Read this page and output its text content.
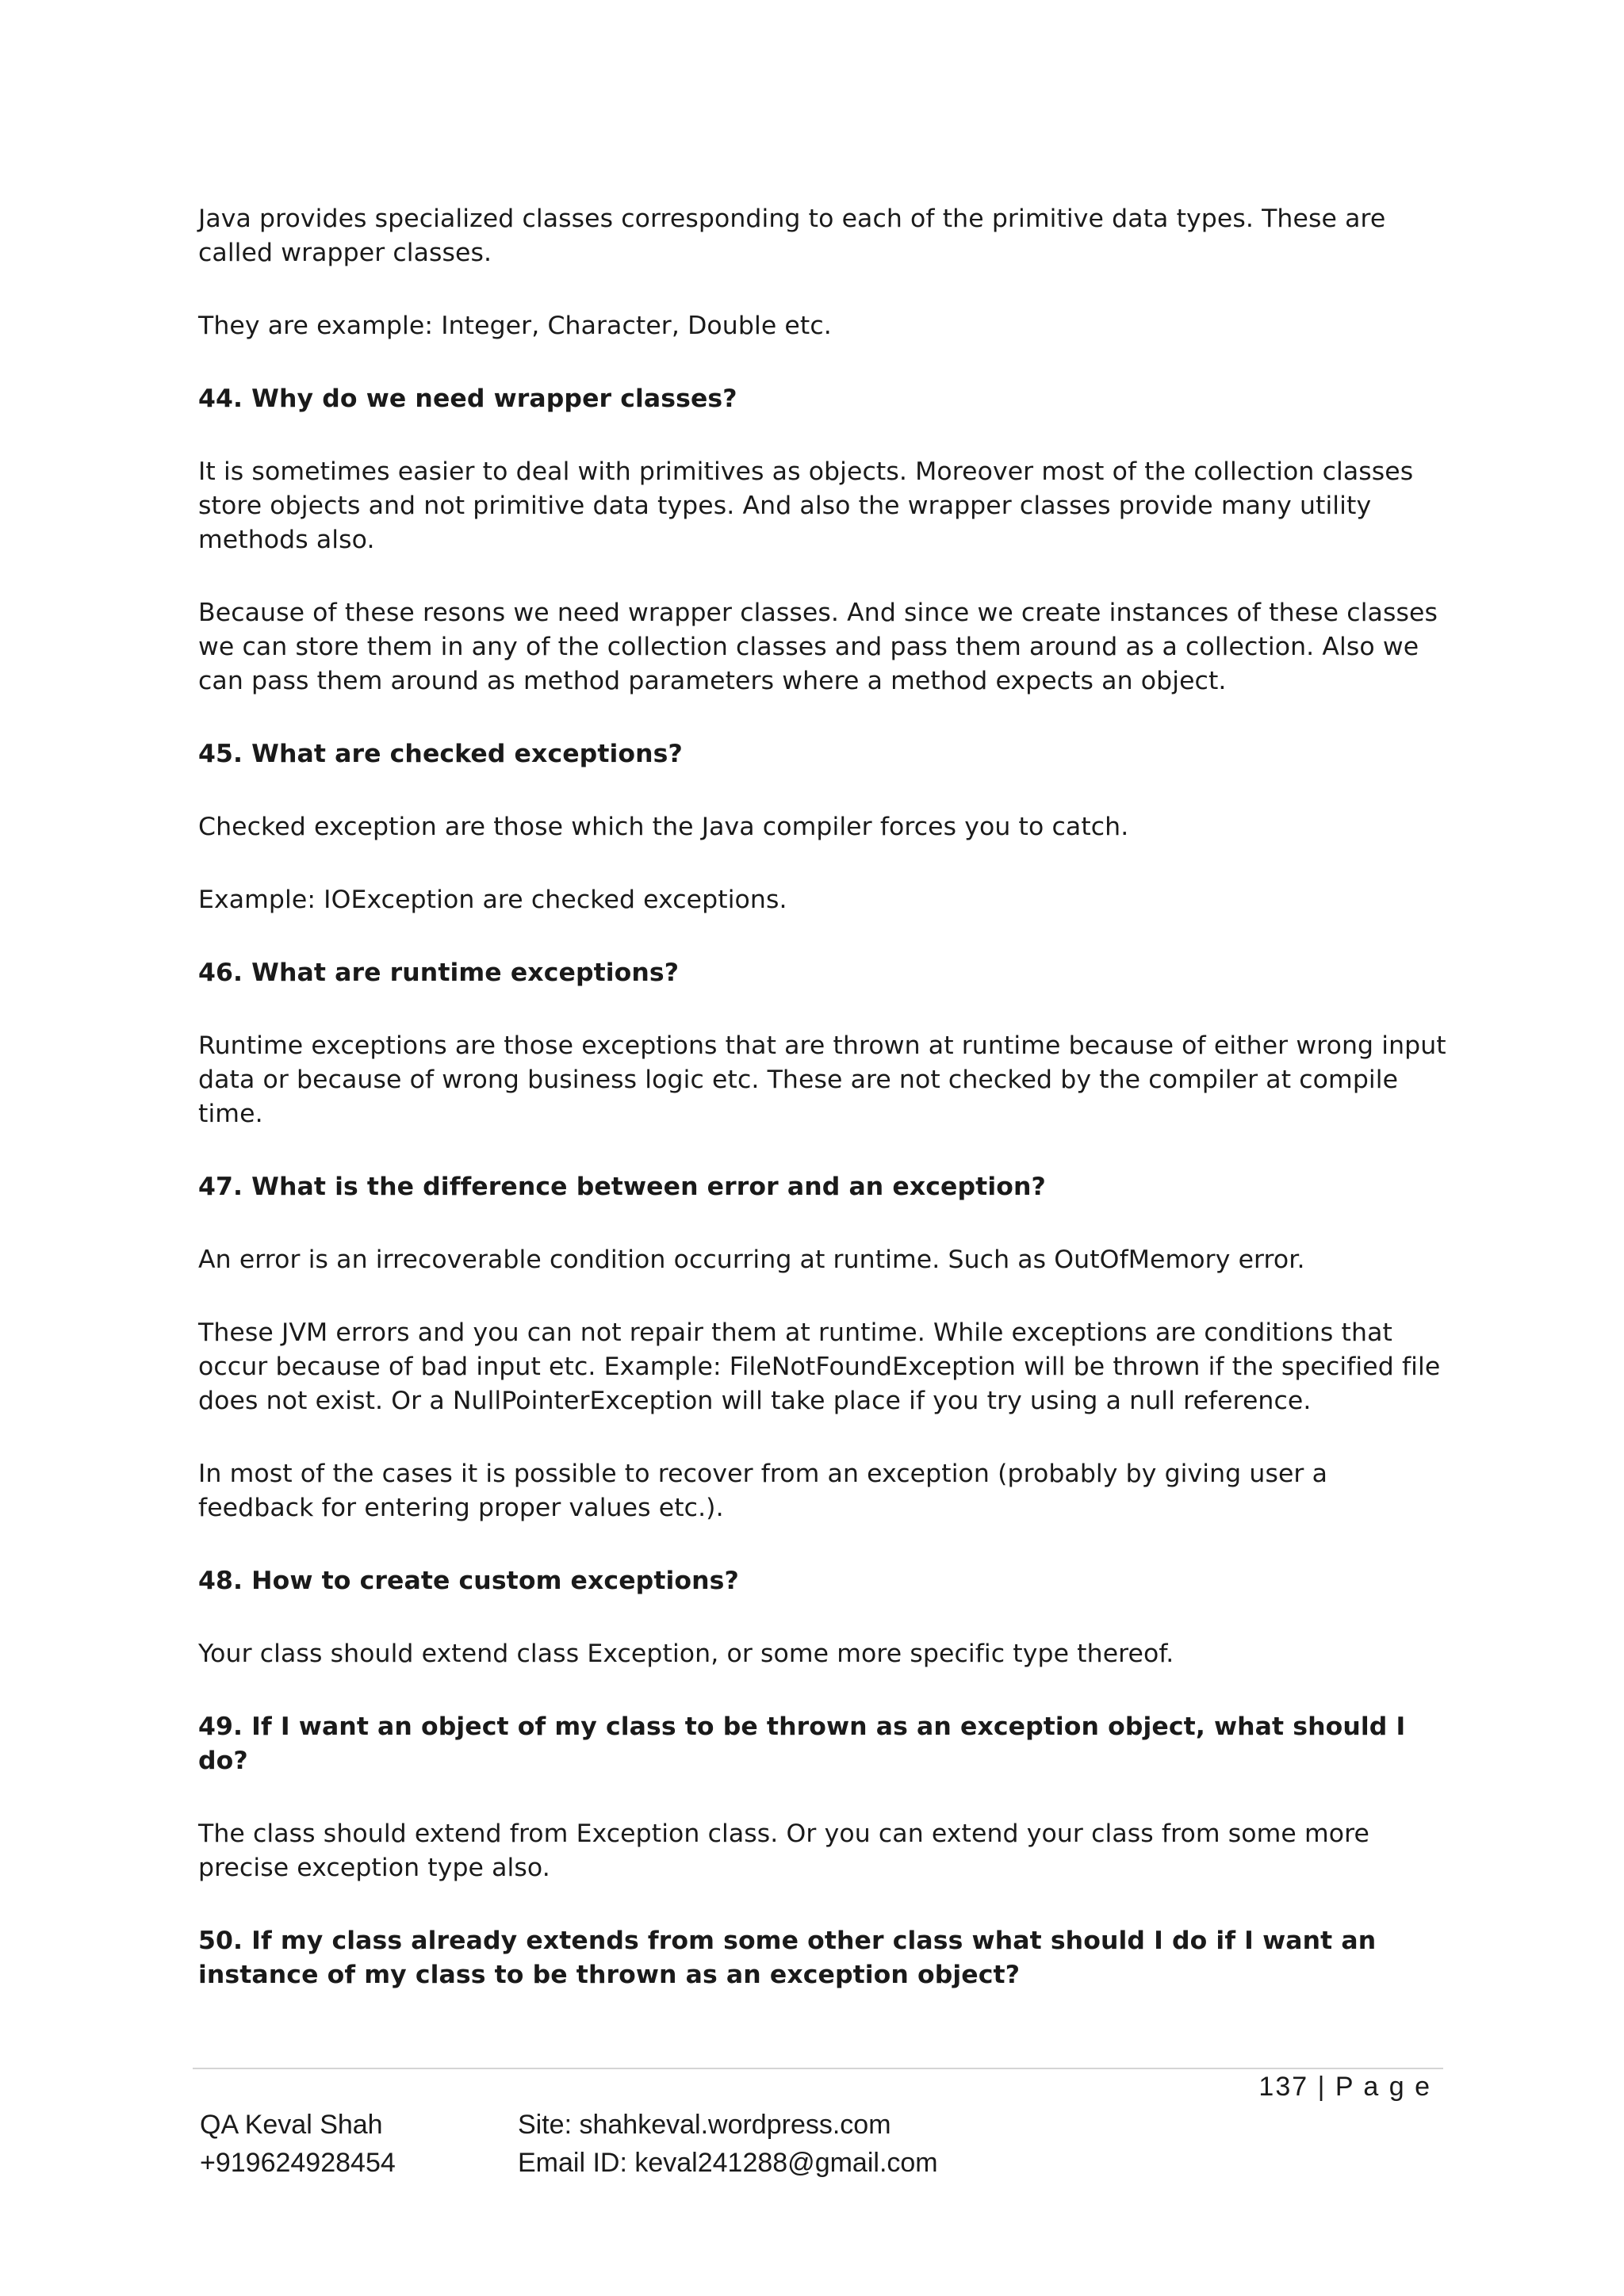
Java provides specialized classes corresponding to each of the primitive data types. These are called wrapper classes.

They are example: Integer, Character, Double etc.

44. Why do we need wrapper classes?

It is sometimes easier to deal with primitives as objects. Moreover most of the collection classes store objects and not primitive data types. And also the wrapper classes provide many utility methods also.

Because of these resons we need wrapper classes. And since we create instances of these classes we can store them in any of the collection classes and pass them around as a collection. Also we can pass them around as method parameters where a method expects an object.

45. What are checked exceptions?

Checked exception are those which the Java compiler forces you to catch.

Example: IOException are checked exceptions.

46. What are runtime exceptions?

Runtime exceptions are those exceptions that are thrown at runtime because of either wrong input data or because of wrong business logic etc. These are not checked by the compiler at compile time.

47. What is the difference between error and an exception?

An error is an irrecoverable condition occurring at runtime. Such as OutOfMemory error.

These JVM errors and you can not repair them at runtime. While exceptions are conditions that occur because of bad input etc. Example: FileNotFoundException will be thrown if the specified file does not exist. Or a NullPointerException will take place if you try using a null reference.

In most of the cases it is possible to recover from an exception (probably by giving user a feedback for entering proper values etc.).

48. How to create custom exceptions?

Your class should extend class Exception, or some more specific type thereof.

49. If I want an object of my class to be thrown as an exception object, what should I do?

The class should extend from Exception class. Or you can extend your class from some more precise exception type also.

50. If my class already extends from some other class what should I do if I want an instance of my class to be thrown as an exception object?
137 | P a g e
QA Keval Shah
+919624928454
Site: shahkeval.wordpress.com
Email ID: keval241288@gmail.com
